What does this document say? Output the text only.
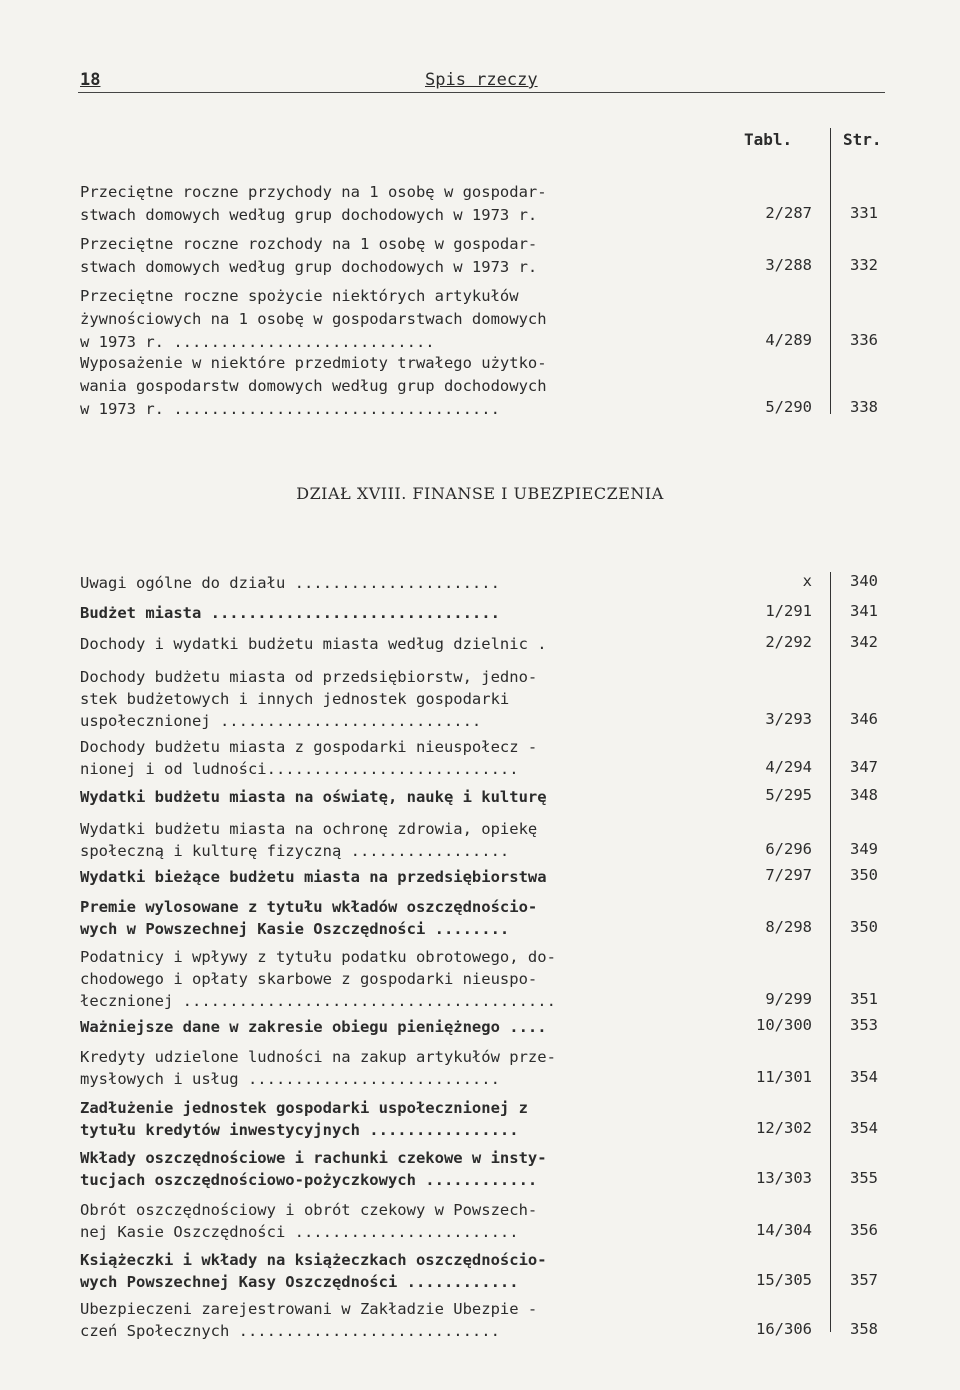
18	Spis rzeczy
Tabl.	Str.
Przeciętne roczne przychody na 1 osobę w gospodar-
stwach domowych według grup dochodowych w 1973 r.	2/287	331
Przeciętne roczne rozchody na 1 osobę w gospodar-
stwach domowych według grup dochodowych w 1973 r.	3/288	332
Przeciętne roczne spożycie niektórych artykułów
żywnościowych na 1 osobę w gospodarstwach domowych
w 1973 r. ............................	4/289	336
Wyposażenie w niektóre przedmioty trwałego użytko-
wania gospodarstw domowych według grup dochodowych
w 1973 r. ...................................	5/290	338
DZIAŁ XVIII. FINANSE I UBEZPIECZENIA
Uwagi ogólne do działu ......................	x	340
Budżet miasta ...............................	1/291	341
Dochody i wydatki budżetu miasta według dzielnic .	2/292	342
Dochody budżetu miasta od przedsiębiorstw, jedno-
stek budżetowych i innych jednostek gospodarki
uspołecznionej ............................	3/293	346
Dochody budżetu miasta z gospodarki nieuspołecz -
nionej i od ludności...........................	4/294	347
Wydatki budżetu miasta na oświatę, naukę i kulturę	5/295	348
Wydatki budżetu miasta na ochronę zdrowia, opiekę
społeczną i kulturę fizyczną .................	6/296	349
Wydatki bieżące budżetu miasta na przedsiębiorstwa	7/297	350
Premie wylosowane z tytułu wkładów oszczędnościo-
wych w Powszechnej Kasie Oszczędności ........	8/298	350
Podatnicy i wpływy z tytułu podatku obrotowego, do-
chodowego i opłaty skarbowe z gospodarki nieuspo-
łecznionej ........................................	9/299	351
Ważniejsze dane w zakresie obiegu pieniężnego ....	10/300	353
Kredyty udzielone ludności na zakup artykułów prze-
mysłowych i usług ...........................	11/301	354
Zadłużenie jednostek gospodarki uspołecznionej z
tytułu kredytów inwestycyjnych ................	12/302	354
Wkłady oszczędnościowe i rachunki czekowe w insty-
tucjach oszczędnościowo-pożyczkowych ............	13/303	355
Obrót oszczędnościowy i obrót czekowy w Powszech-
nej Kasie Oszczędności ........................	14/304	356
Książeczki i wkłady na książeczkach oszczędnościo-
wych Powszechnej Kasy Oszczędności ............	15/305	357
Ubezpieczeni zarejestrowani w Zakładzie Ubezpie -
czeń Społecznych ............................	16/306	358
